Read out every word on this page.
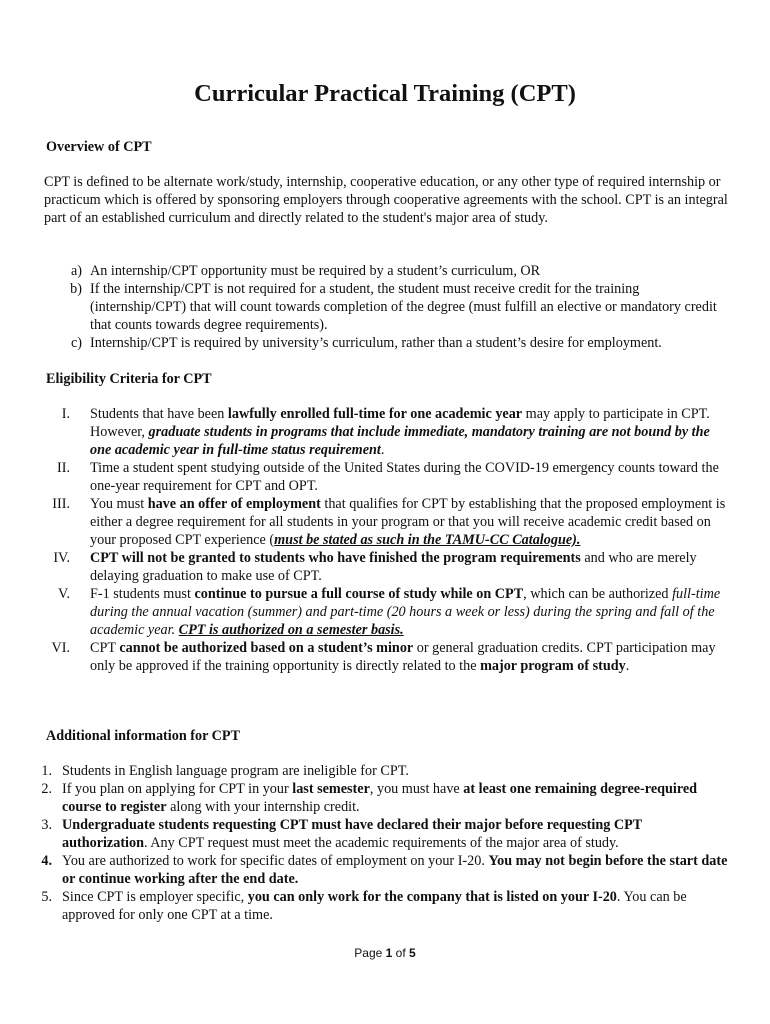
Curricular Practical Training (CPT)
Overview of CPT
CPT is defined to be alternate work/study, internship, cooperative education, or any other type of required internship or practicum which is offered by sponsoring employers through cooperative agreements with the school. CPT is an integral part of an established curriculum and directly related to the student's major area of study.
a) An internship/CPT opportunity must be required by a student’s curriculum, OR
b) If the internship/CPT is not required for a student, the student must receive credit for the training (internship/CPT) that will count towards completion of the degree (must fulfill an elective or mandatory credit that counts towards degree requirements).
c) Internship/CPT is required by university’s curriculum, rather than a student’s desire for employment.
Eligibility Criteria for CPT
I. Students that have been lawfully enrolled full-time for one academic year may apply to participate in CPT. However, graduate students in programs that include immediate, mandatory training are not bound by the one academic year in full-time status requirement.
II. Time a student spent studying outside of the United States during the COVID-19 emergency counts toward the one-year requirement for CPT and OPT.
III. You must have an offer of employment that qualifies for CPT by establishing that the proposed employment is either a degree requirement for all students in your program or that you will receive academic credit based on your proposed CPT experience (must be stated as such in the TAMU-CC Catalogue).
IV. CPT will not be granted to students who have finished the program requirements and who are merely delaying graduation to make use of CPT.
V. F-1 students must continue to pursue a full course of study while on CPT, which can be authorized full-time during the annual vacation (summer) and part-time (20 hours a week or less) during the spring and fall of the academic year. CPT is authorized on a semester basis.
VI. CPT cannot be authorized based on a student’s minor or general graduation credits. CPT participation may only be approved if the training opportunity is directly related to the major program of study.
Additional information for CPT
1. Students in English language program are ineligible for CPT.
2. If you plan on applying for CPT in your last semester, you must have at least one remaining degree-required course to register along with your internship credit.
3. Undergraduate students requesting CPT must have declared their major before requesting CPT authorization. Any CPT request must meet the academic requirements of the major area of study.
4. You are authorized to work for specific dates of employment on your I-20. You may not begin before the start date or continue working after the end date.
5. Since CPT is employer specific, you can only work for the company that is listed on your I-20. You can be approved for only one CPT at a time.
Page 1 of 5
